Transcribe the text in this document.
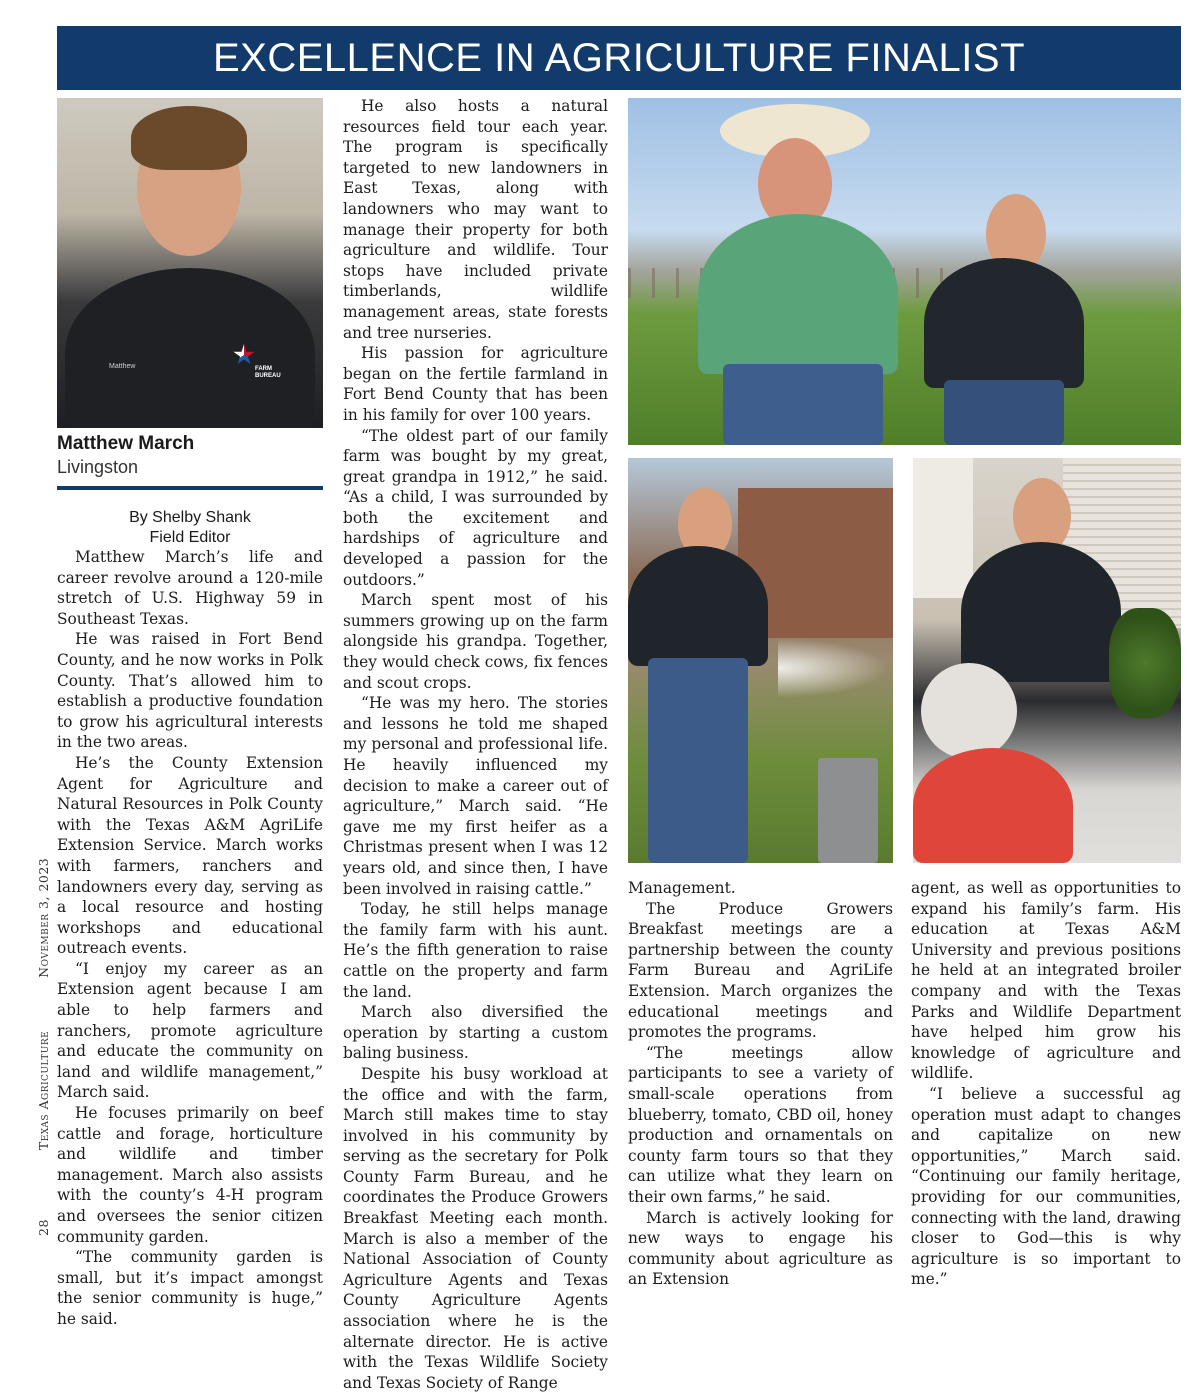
EXCELLENCE IN AGRICULTURE FINALIST
Matthew	FARM BUREAU
Matthew March
Livingston
By Shelby Shank
Field Editor

Matthew March’s life and career revolve around a 120-mile stretch of U.S. Highway 59 in Southeast Texas.

He was raised in Fort Bend County, and he now works in Polk County. That’s allowed him to establish a productive foundation to grow his agricultural interests in the two areas.

He’s the County Extension Agent for Agriculture and Natural Resources in Polk County with the Texas A&M AgriLife Extension Service. March works with farmers, ranchers and landowners every day, serving as a local resource and hosting workshops and educational outreach events.

“I enjoy my career as an Extension agent because I am able to help farmers and ranchers, promote agriculture and educate the community on land and wildlife management,” March said.

He focuses primarily on beef cattle and forage, horticulture and wildlife and timber management. March also assists with the county’s 4-H program and oversees the senior citizen community garden.

“The community garden is small, but it’s impact amongst the senior community is huge,” he said.

He also hosts a natural resources field tour each year. The program is specifically targeted to new landowners in East Texas, along with landowners who may want to manage their property for both agriculture and wildlife. Tour stops have included private timberlands, wildlife management areas, state forests and tree nurseries.

His passion for agriculture began on the fertile farmland in Fort Bend County that has been in his family for over 100 years.

“The oldest part of our family farm was bought by my great, great grandpa in 1912,” he said. “As a child, I was surrounded by both the excitement and hardships of agriculture and developed a passion for the outdoors.”

March spent most of his summers growing up on the farm alongside his grandpa. Together, they would check cows, fix fences and scout crops.

“He was my hero. The stories and lessons he told me shaped my personal and professional life. He heavily influenced my decision to make a career out of agriculture,” March said. “He gave me my first heifer as a Christmas present when I was 12 years old, and since then, I have been involved in raising cattle.”

Today, he still helps manage the family farm with his aunt. He’s the fifth generation to raise cattle on the property and farm the land.

March also diversified the operation by starting a custom baling business.

Despite his busy workload at the office and with the farm, March still makes time to stay involved in his community by serving as the secretary for Polk County Farm Bureau, and he coordinates the Produce Growers Breakfast Meeting each month. March is also a member of the National Association of County Agriculture Agents and Texas County Agriculture Agents association where he is the alternate director. He is active with the Texas Wildlife Society and Texas Society of Range

Management.

The Produce Growers Breakfast meetings are a partnership between the county Farm Bureau and AgriLife Extension. March organizes the educational meetings and promotes the programs.

“The meetings allow participants to see a variety of small-scale operations from blueberry, tomato, CBD oil, honey production and ornamentals on county farm tours so that they can utilize what they learn on their own farms,” he said.

March is actively looking for new ways to engage his community about agriculture as an Extension

agent, as well as opportunities to expand his family’s farm. His education at Texas A&M University and previous positions he held at an integrated broiler company and with the Texas Parks and Wildlife Department have helped him grow his knowledge of agriculture and wildlife.

“I believe a successful ag operation must adapt to changes and capitalize on new opportunities,” March said. “Continuing our family heritage, providing for our communities, connecting with the land, drawing closer to God—this is why agriculture is so important to me.”

28  Texas Agriculture  November 3, 2023
